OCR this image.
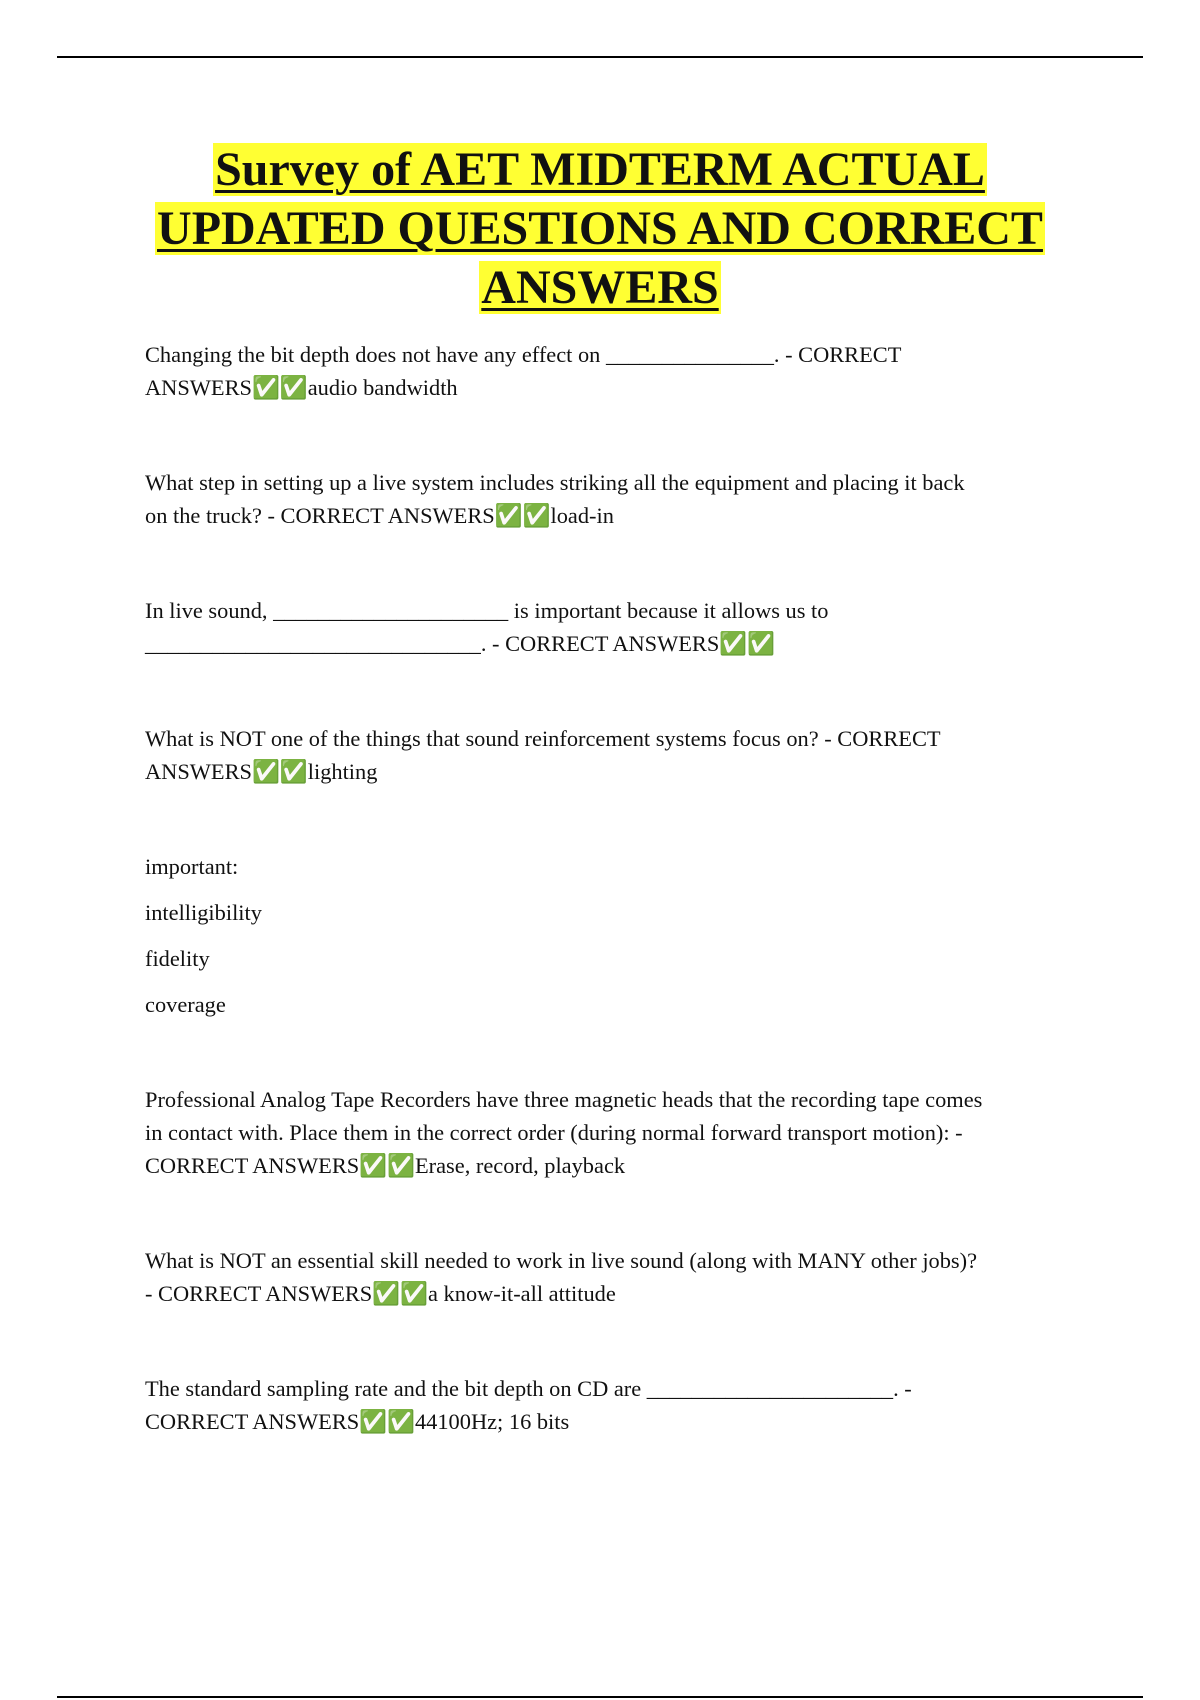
Survey of AET MIDTERM ACTUAL
UPDATED QUESTIONS AND CORRECT
ANSWERS

Changing the bit depth does not have any effect on _______________. - CORRECT
ANSWERS✅✅audio bandwidth

What step in setting up a live system includes striking all the equipment and placing it back
on the truck? - CORRECT ANSWERS✅✅load-in

In live sound, _____________________ is important because it allows us to
______________________________. - CORRECT ANSWERS✅✅

What is NOT one of the things that sound reinforcement systems focus on? - CORRECT
ANSWERS✅✅lighting

important:

intelligibility

fidelity

coverage

Professional Analog Tape Recorders have three magnetic heads that the recording tape comes
in contact with. Place them in the correct order (during normal forward transport motion): -
CORRECT ANSWERS✅✅Erase, record, playback

What is NOT an essential skill needed to work in live sound (along with MANY other jobs)?
- CORRECT ANSWERS✅✅a know-it-all attitude

The standard sampling rate and the bit depth on CD are ______________________. -
CORRECT ANSWERS✅✅44100Hz; 16 bits
